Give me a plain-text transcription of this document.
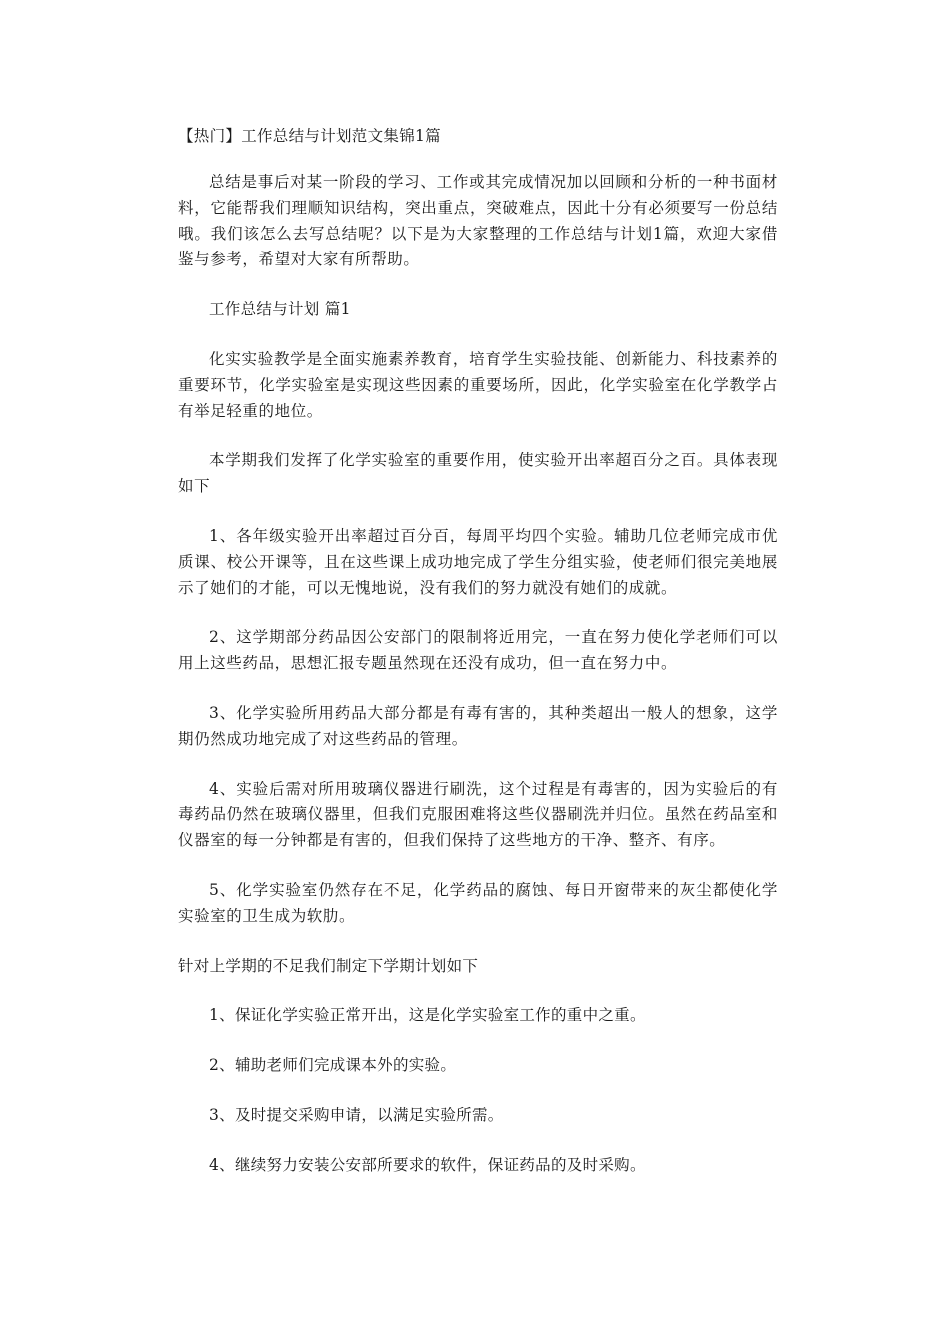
【热门】工作总结与计划范文集锦1篇

总结是事后对某一阶段的学习、工作或其完成情况加以回顾和分析的一种书面材料，它能帮我们理顺知识结构，突出重点，突破难点，因此十分有必须要写一份总结哦。我们该怎么去写总结呢？以下是为大家整理的工作总结与计划1篇，欢迎大家借鉴与参考，希望对大家有所帮助。

工作总结与计划 篇1

化实实验教学是全面实施素养教育，培育学生实验技能、创新能力、科技素养的重要环节，化学实验室是实现这些因素的重要场所，因此，化学实验室在化学教学占有举足轻重的地位。

本学期我们发挥了化学实验室的重要作用，使实验开出率超百分之百。具体表现如下

1、各年级实验开出率超过百分百，每周平均四个实验。辅助几位老师完成市优质课、校公开课等，且在这些课上成功地完成了学生分组实验，使老师们很完美地展示了她们的才能，可以无愧地说，没有我们的努力就没有她们的成就。

2、这学期部分药品因公安部门的限制将近用完，一直在努力使化学老师们可以用上这些药品，思想汇报专题虽然现在还没有成功，但一直在努力中。

3、化学实验所用药品大部分都是有毒有害的，其种类超出一般人的想象，这学期仍然成功地完成了对这些药品的管理。

4、实验后需对所用玻璃仪器进行刷洗，这个过程是有毒害的，因为实验后的有毒药品仍然在玻璃仪器里，但我们克服困难将这些仪器刷洗并归位。虽然在药品室和仪器室的每一分钟都是有害的，但我们保持了这些地方的干净、整齐、有序。

5、化学实验室仍然存在不足，化学药品的腐蚀、每日开窗带来的灰尘都使化学实验室的卫生成为软肋。

针对上学期的不足我们制定下学期计划如下

1、保证化学实验正常开出，这是化学实验室工作的重中之重。

2、辅助老师们完成课本外的实验。

3、及时提交采购申请，以满足实验所需。

4、继续努力安装公安部所要求的软件，保证药品的及时采购。
